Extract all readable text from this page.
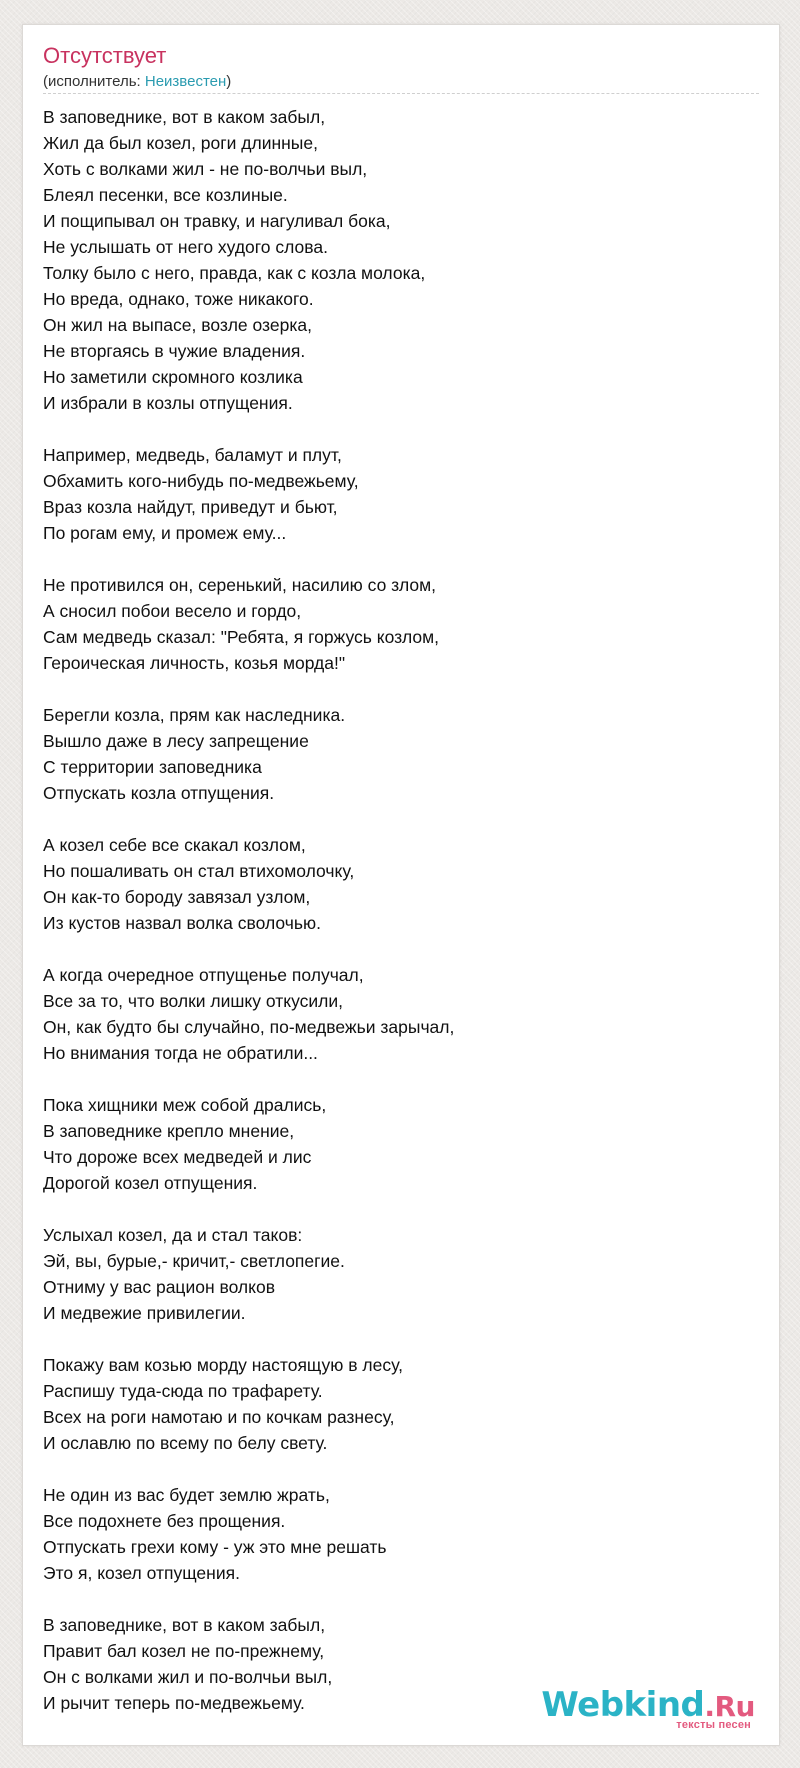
Отсутствует
(исполнитель: Неизвестен)
В заповеднике, вот в каком забыл,
Жил да был козел, роги длинные,
Хоть с волками жил - не по-волчьи выл,
Блеял песенки, все козлиные.
И пощипывал он травку, и нагуливал бока,
Не услышать от него худого слова.
Толку было с него, правда, как с козла молока,
Но вреда, однако, тоже никакого.
Он жил на выпасе, возле озерка,
Не вторгаясь в чужие владения.
Но заметили скромного козлика
И избрали в козлы отпущения.
Например, медведь, баламут и плут,
Обхамить кого-нибудь по-медвежьему,
Враз козла найдут, приведут и бьют,
По рогам ему, и промеж ему...
Не противился он, серенький, насилию со злом,
А сносил побои весело и гордо,
Сам медведь сказал: "Ребята, я горжусь козлом,
Героическая личность, козья морда!"
Берегли козла, прям как наследника.
Вышло даже в лесу запрещение
С территории заповедника
Отпускать козла отпущения.
А козел себе все скакал козлом,
Но пошаливать он стал втихомолочку,
Он как-то бороду завязал узлом,
Из кустов назвал волка сволочью.
А когда очередное отпущенье получал,
Все за то, что волки лишку откусили,
Он, как будто бы случайно, по-медвежьи зарычал,
Но внимания тогда не обратили...
Пока хищники меж собой дрались,
В заповеднике крепло мнение,
Что дороже всех медведей и лис
Дорогой козел отпущения.
Услыхал козел, да и стал таков:
Эй, вы, бурые,- кричит,- светлопегие.
Отниму у вас рацион волков
И медвежие привилегии.
Покажу вам козью морду настоящую в лесу,
Распишу туда-сюда по трафарету.
Всех на роги намотаю и по кочкам разнесу,
И ославлю по всему по белу свету.
Не один из вас будет землю жрать,
Все подохнете без прощения.
Отпускать грехи кому - уж это мне решать
Это я, козел отпущения.
В заповеднике, вот в каком забыл,
Правит бал козел не по-прежнему,
Он с волками жил и по-волчьи выл,
И рычит теперь по-медвежьему.	Webkind.Ru
тексты песен
